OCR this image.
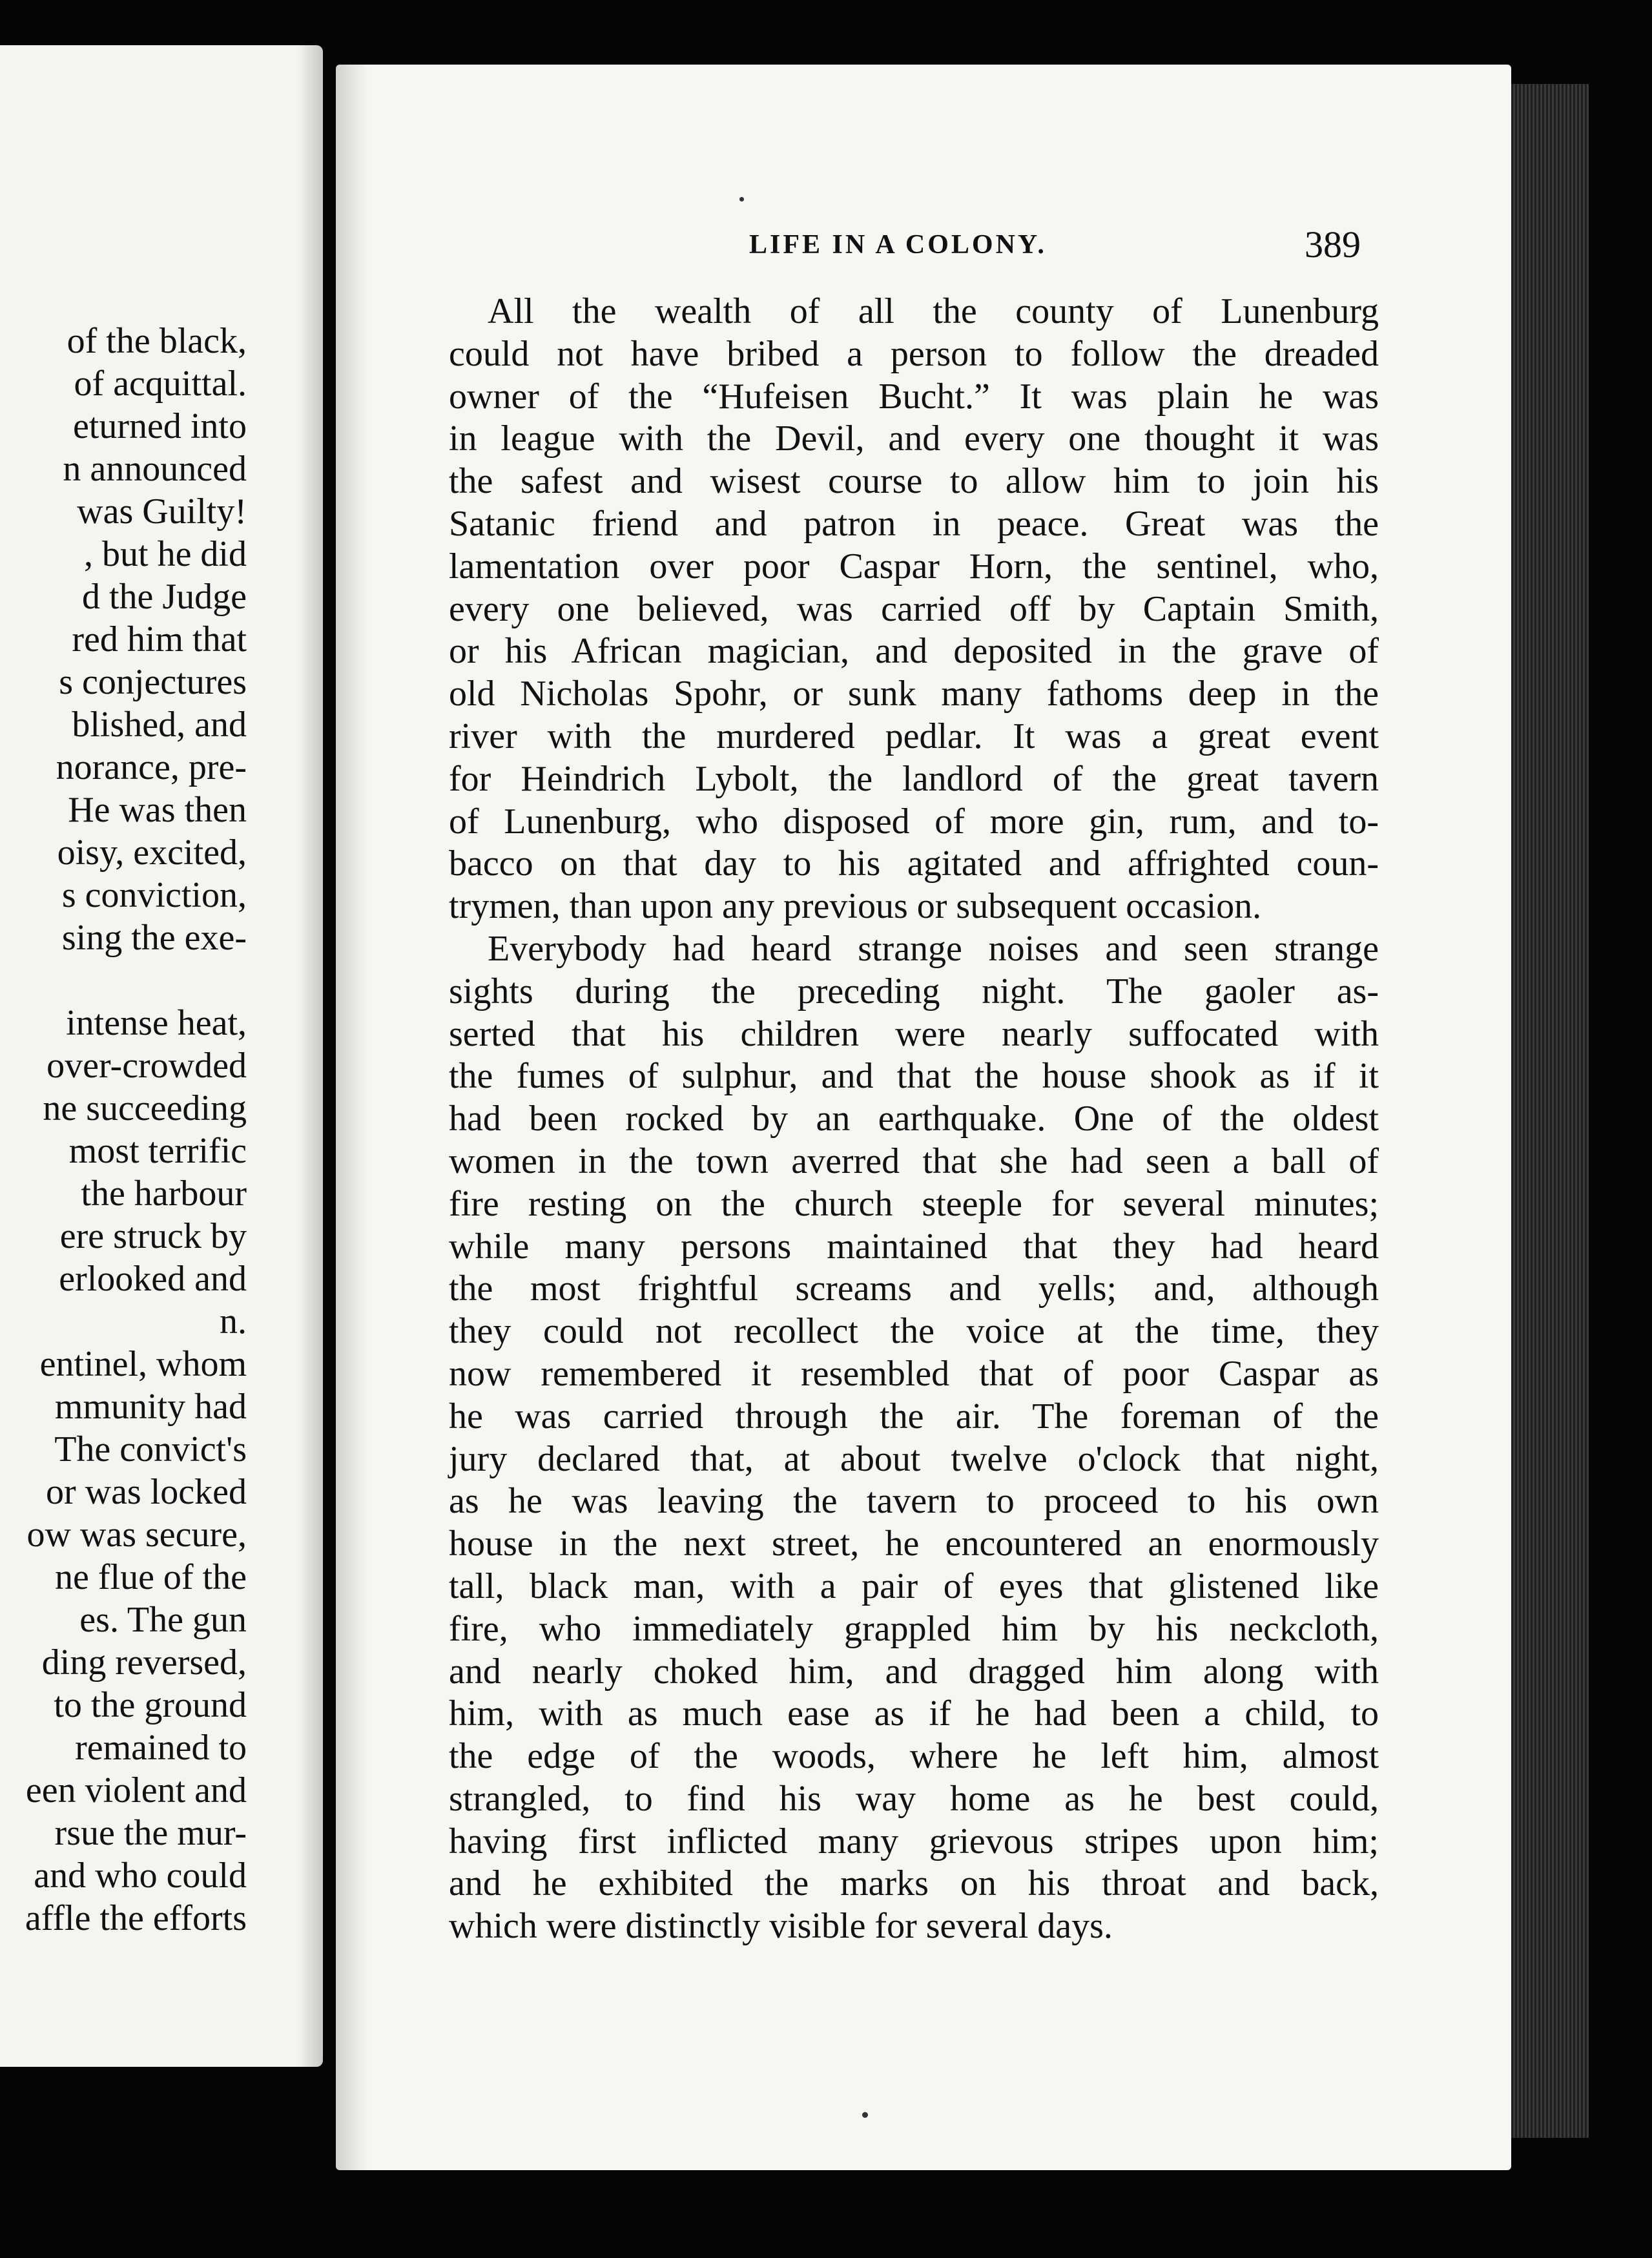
of the black,
of acquittal.
eturned into
n announced
was Guilty!
, but he did
d the Judge
red him that
s conjectures
blished, and
norance, pre-
He was then
oisy, excited,
s conviction,
sing the exe-
intense heat,
over-crowded
ne succeeding
most terrific
the harbour
ere struck by
erlooked and
n.
entinel, whom
mmunity had
The convict's
or was locked
ow was secure,
ne flue of the
es. The gun
ding reversed,
to the ground
remained to
een violent and
rsue the mur-
and who could
affle the efforts
LIFE IN A COLONY.	389
All the wealth of all the county of Lunenburg
could not have bribed a person to follow the dreaded
owner of the “Hufeisen Bucht.” It was plain he was
in league with the Devil, and every one thought it was
the safest and wisest course to allow him to join his
Satanic friend and patron in peace. Great was the
lamentation over poor Caspar Horn, the sentinel, who,
every one believed, was carried off by Captain Smith,
or his African magician, and deposited in the grave of
old Nicholas Spohr, or sunk many fathoms deep in the
river with the murdered pedlar. It was a great event
for Heindrich Lybolt, the landlord of the great tavern
of Lunenburg, who disposed of more gin, rum, and to-
bacco on that day to his agitated and affrighted coun-
trymen, than upon any previous or subsequent occasion.
Everybody had heard strange noises and seen strange
sights during the preceding night. The gaoler as-
serted that his children were nearly suffocated with
the fumes of sulphur, and that the house shook as if it
had been rocked by an earthquake. One of the oldest
women in the town averred that she had seen a ball of
fire resting on the church steeple for several minutes;
while many persons maintained that they had heard
the most frightful screams and yells; and, although
they could not recollect the voice at the time, they
now remembered it resembled that of poor Caspar as
he was carried through the air. The foreman of the
jury declared that, at about twelve o'clock that night,
as he was leaving the tavern to proceed to his own
house in the next street, he encountered an enormously
tall, black man, with a pair of eyes that glistened like
fire, who immediately grappled him by his neckcloth,
and nearly choked him, and dragged him along with
him, with as much ease as if he had been a child, to
the edge of the woods, where he left him, almost
strangled, to find his way home as he best could,
having first inflicted many grievous stripes upon him;
and he exhibited the marks on his throat and back,
which were distinctly visible for several days.
